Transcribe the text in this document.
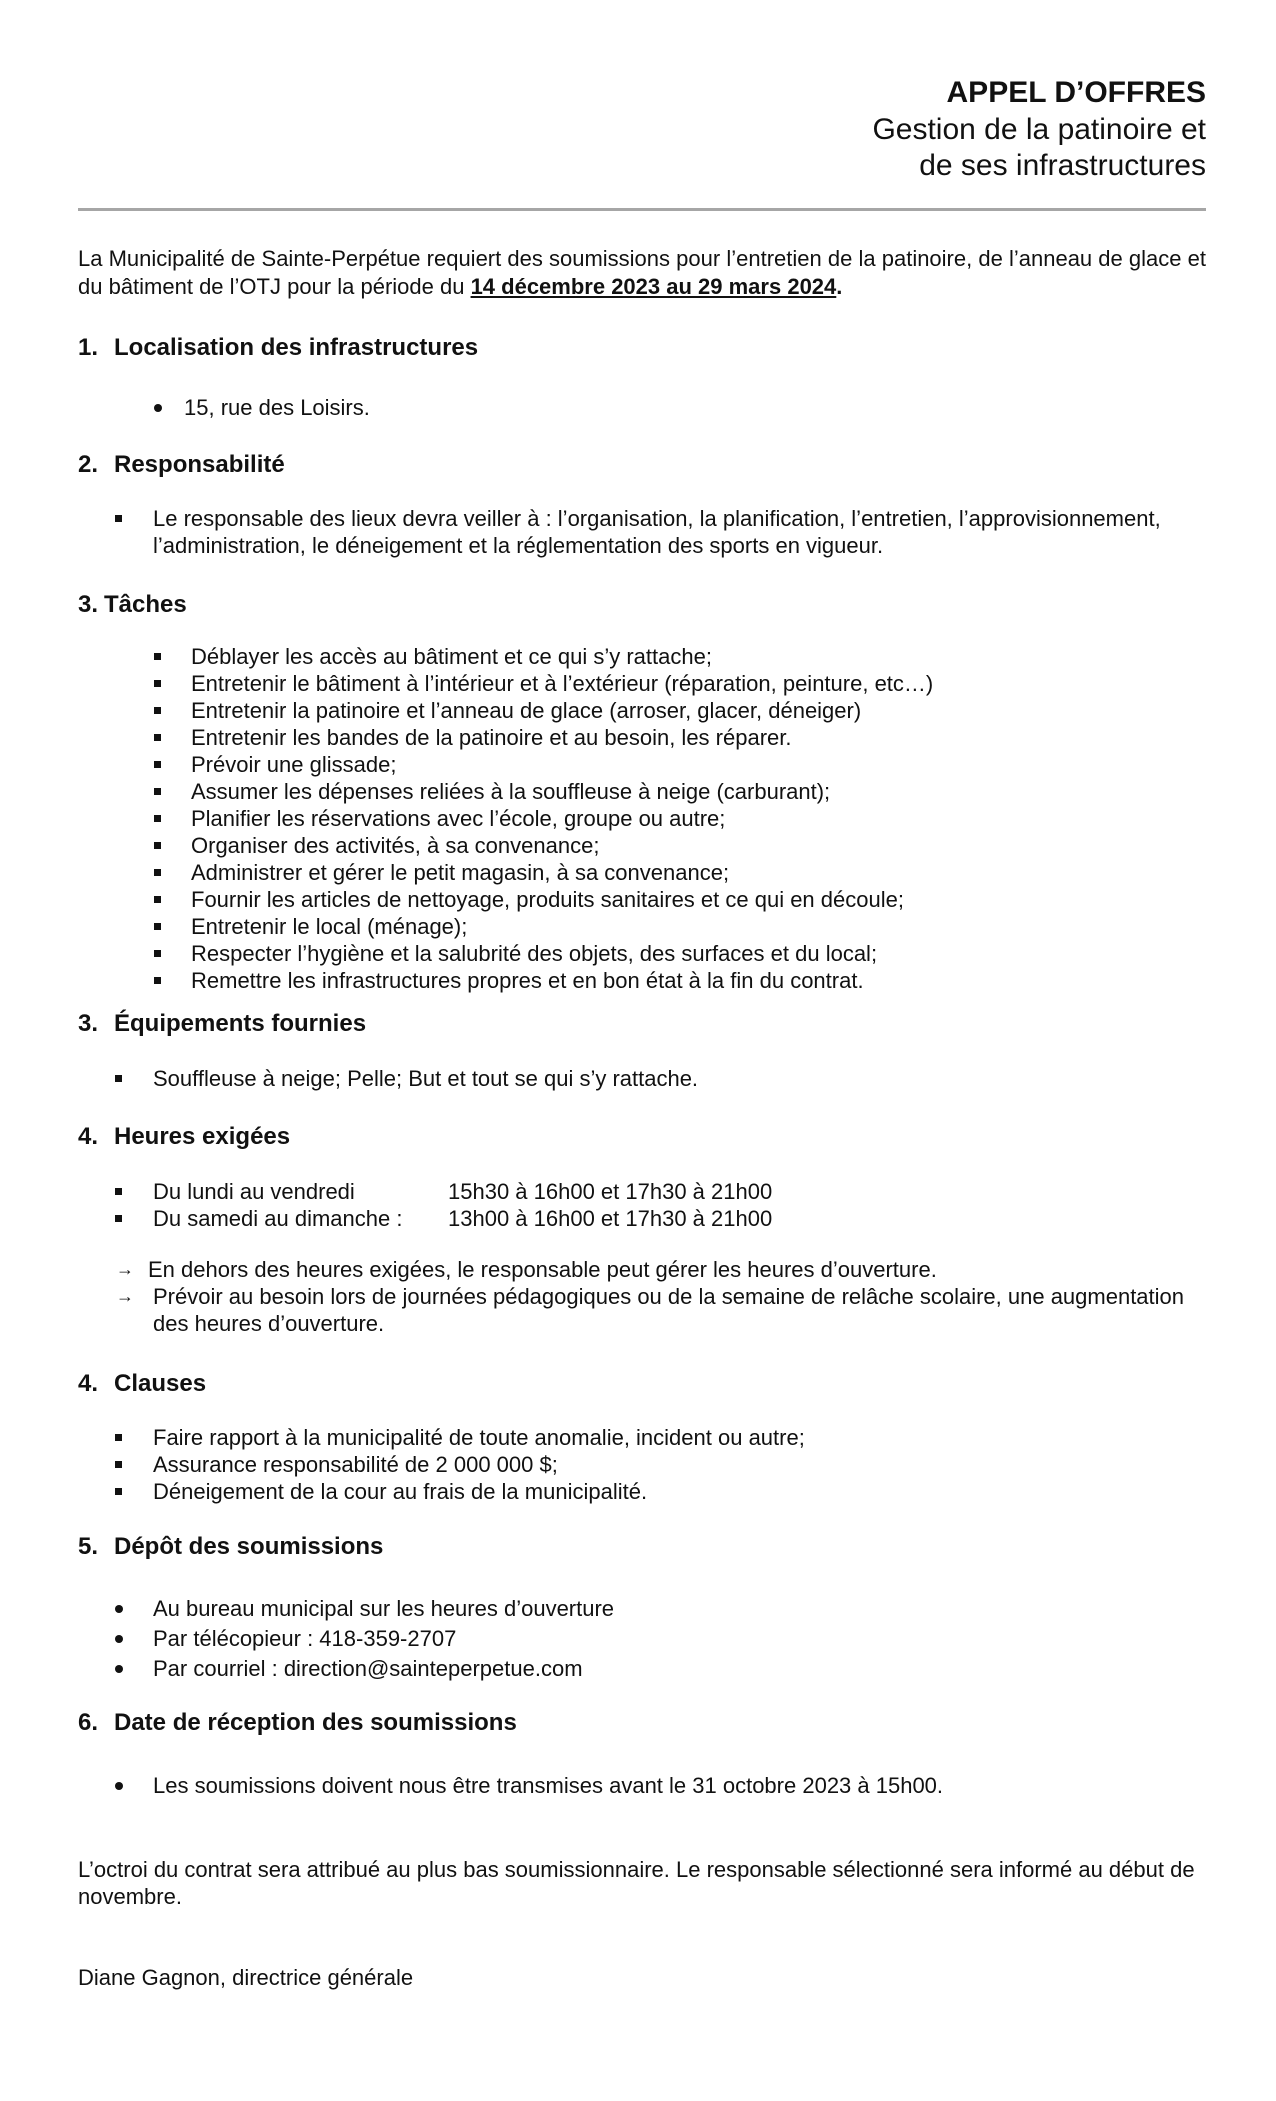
APPEL D’OFFRES
Gestion de la patinoire et
de ses infrastructures
La Municipalité de Sainte-Perpétue requiert des soumissions pour l’entretien de la patinoire, de l’anneau de glace et du bâtiment de l’OTJ pour la période du 14 décembre 2023 au 29 mars 2024.
1. Localisation des infrastructures
15, rue des Loisirs.
2. Responsabilité
Le responsable des lieux devra veiller à : l’organisation, la planification, l’entretien, l’approvisionnement, l’administration, le déneigement et la réglementation des sports en vigueur.
3. Tâches
Déblayer les accès au bâtiment et ce qui s’y rattache;
Entretenir le bâtiment à l’intérieur et à l’extérieur (réparation, peinture, etc…)
Entretenir la patinoire et l’anneau de glace (arroser, glacer, déneiger)
Entretenir les bandes de la patinoire et au besoin, les réparer.
Prévoir une glissade;
Assumer les dépenses reliées à la souffleuse à neige (carburant);
Planifier les réservations avec l’école, groupe ou autre;
Organiser des activités, à sa convenance;
Administrer et gérer le petit magasin, à sa convenance;
Fournir les articles de nettoyage, produits sanitaires et ce qui en découle;
Entretenir le local (ménage);
Respecter l’hygiène et la salubrité des objets, des surfaces et du local;
Remettre les infrastructures propres et en bon état à la fin du contrat.
3. Équipements fournies
Souffleuse à neige; Pelle; But et tout se qui s’y rattache.
4. Heures exigées
Du lundi au vendredi	15h30 à 16h00 et 17h30 à 21h00
Du samedi au dimanche : 13h00 à 16h00 et 17h30 à 21h00
→ En dehors des heures exigées, le responsable peut gérer les heures d’ouverture.
→ Prévoir au besoin lors de journées pédagogiques ou de la semaine de relâche scolaire, une augmentation des heures d’ouverture.
4. Clauses
Faire rapport à la municipalité de toute anomalie, incident ou autre;
Assurance responsabilité de 2 000 000 $;
Déneigement de la cour au frais de la municipalité.
5. Dépôt des soumissions
Au bureau municipal sur les heures d’ouverture
Par télécopieur : 418-359-2707
Par courriel : direction@sainteperpetue.com
6. Date de réception des soumissions
Les soumissions doivent nous être transmises avant le 31 octobre 2023 à 15h00.
L’octroi du contrat sera attribué au plus bas soumissionnaire. Le responsable sélectionné sera informé au début de novembre.
Diane Gagnon, directrice générale
